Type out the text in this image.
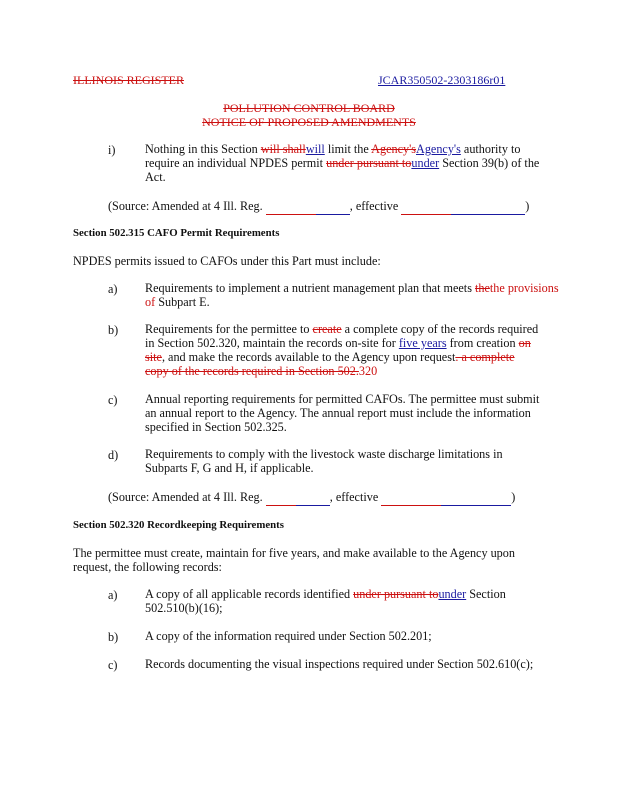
ILLINOIS REGISTER	JCAR350502-2303186r01
POLLUTION CONTROL BOARD
NOTICE OF PROPOSED AMENDMENTS
i) Nothing in this Section will shallwill limit the Agency'sAgency's authority to
require an individual NPDES permit under pursuant tounder Section 39(b) of the
Act.
(Source: Amended at 4 Ill. Reg.	, effective	)
Section 502.315 CAFO Permit Requirements
NPDES permits issued to CAFOs under this Part must include:
a) Requirements to implement a nutrient management plan that meets thethe provisions
of Subpart E.
b) Requirements for the permittee to create a complete copy of the records required
in Section 502.320, maintain the records on-site for five years from creation on
site, and make the records available to the Agency upon request. a complete
copy of the records required in Section 502.320
c) Annual reporting requirements for permitted CAFOs. The permittee must submit
an annual report to the Agency. The annual report must include the information
specified in Section 502.325.
d) Requirements to comply with the livestock waste discharge limitations in
Subparts F, G and H, if applicable.
(Source: Amended at 4 Ill. Reg.	, effective	)
Section 502.320 Recordkeeping Requirements
The permittee must create, maintain for five years, and make available to the Agency upon
request, the following records:
a) A copy of all applicable records identified under pursuant tounder Section
502.510(b)(16);
b) A copy of the information required under Section 502.201;
c) Records documenting the visual inspections required under Section 502.610(c);
